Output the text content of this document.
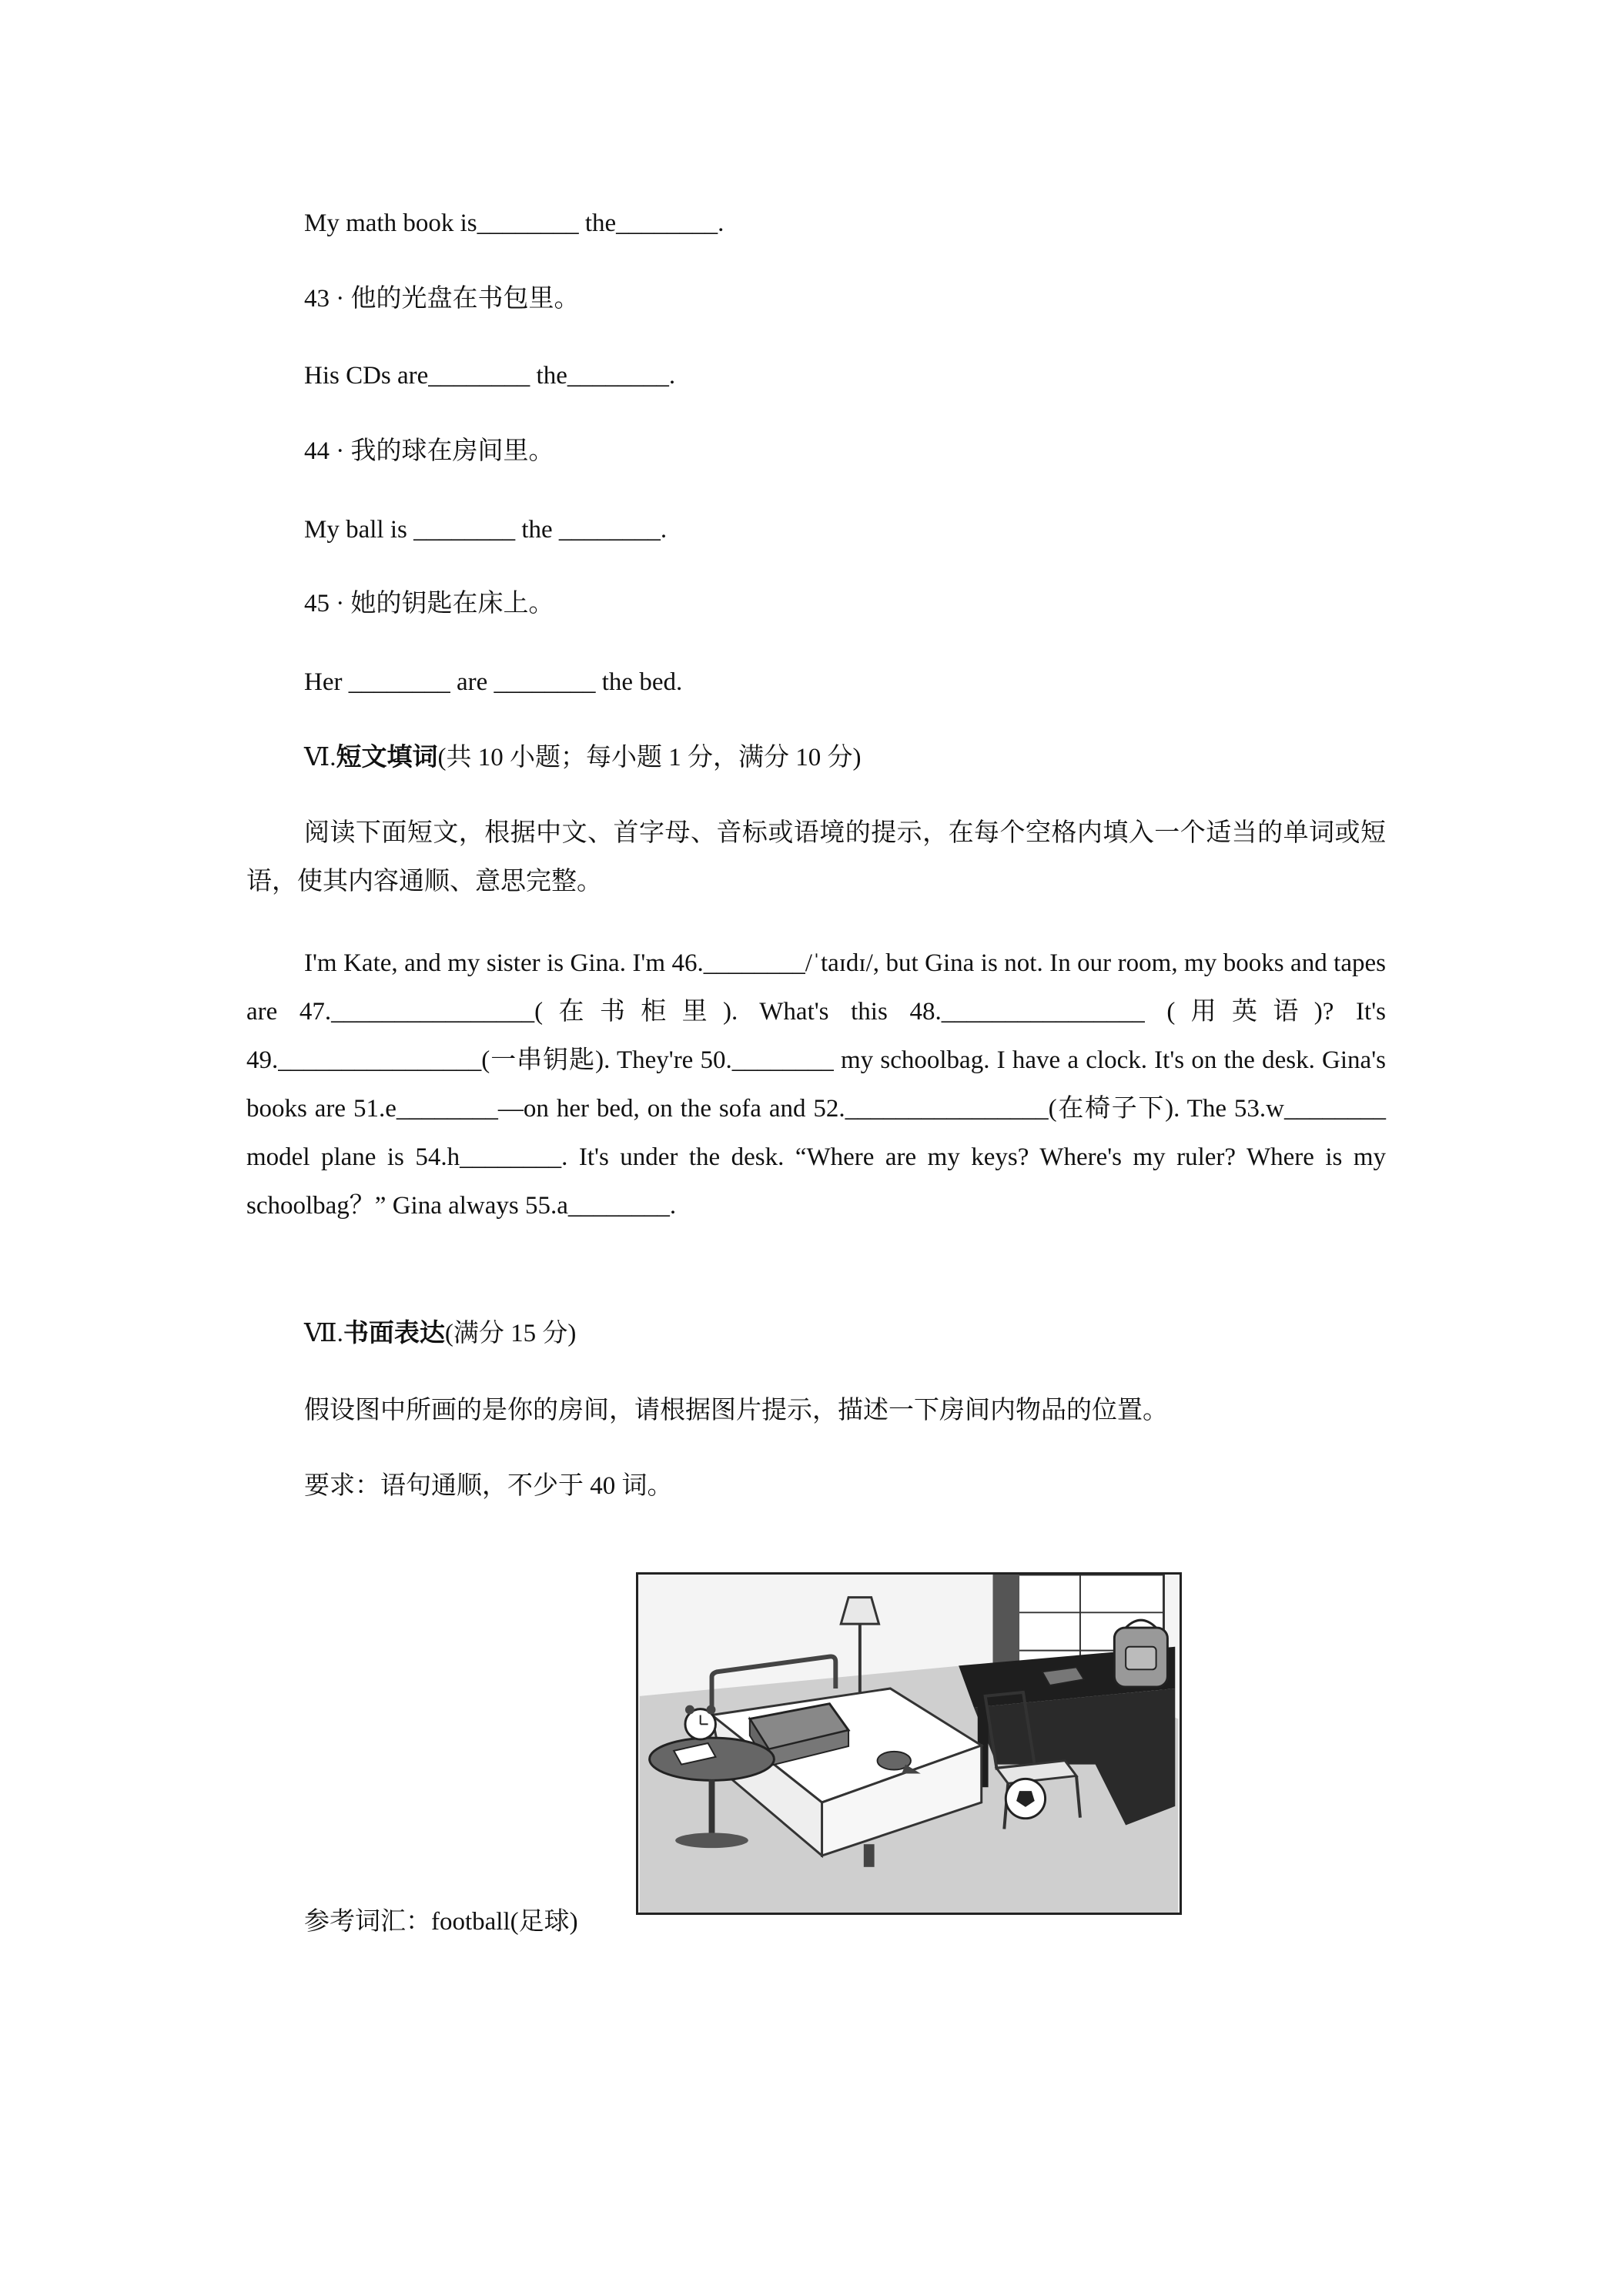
My math book is________ the________.
43 · 他的光盘在书包里。
His CDs are________ the________.
44 · 我的球在房间里。
My ball is ________ the ________.
45 · 她的钥匙在床上。
Her ________ are ________ the bed.
Ⅵ.短文填词(共 10 小题；每小题 1 分，满分 10 分)
阅读下面短文，根据中文、首字母、音标或语境的提示，在每个空格内填入一个适当的单词或短语，使其内容通顺、意思完整。
I'm Kate, and my sister is Gina. I'm 46.________/ˈtaɪdɪ/, but Gina is not. In our room, my books and tapes are 47.________________(在书柜里). What's this 48.________________ (用英语)? It's 49.________________(一串钥匙). They're 50.________ my schoolbag. I have a clock. It's on the desk. Gina's books are 51.e________—on her bed, on the sofa and 52.________________(在椅子下). The 53.w________ model plane is 54.h________. It's under the desk. “Where are my keys? Where's my ruler? Where is my schoolbag？” Gina always 55.a________.
Ⅶ.书面表达(满分 15 分)
假设图中所画的是你的房间，请根据图片提示，描述一下房间内物品的位置。
要求：语句通顺，不少于 40 词。
参考词汇：football(足球)
